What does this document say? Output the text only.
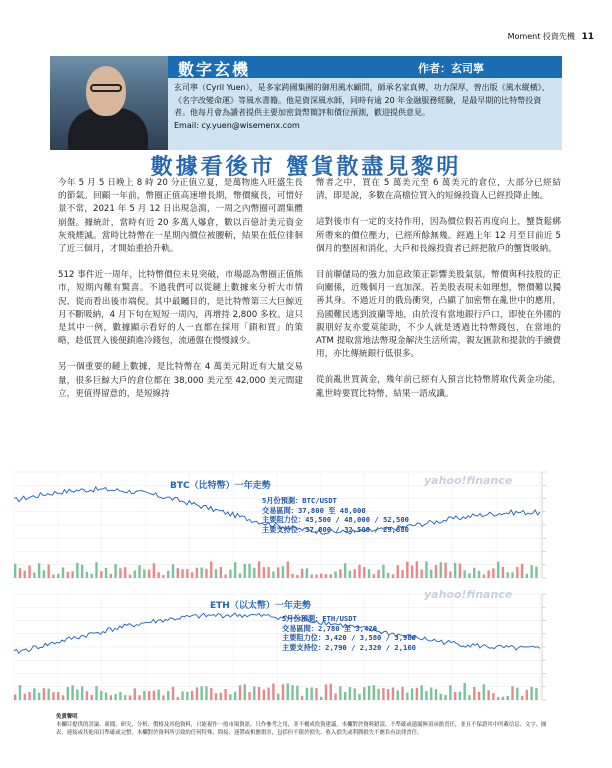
Moment 投資先機 11
數字玄機	作者：玄司寧
玄司寧（Cyril Yuen），是多家跨國集團的御用風水顧問，師承名家真傳，功力深厚，曾出版《風水縱橫》、《名字改變命運》等風水書籍。他是資深風水師，同時有逾 20 年金融服務經驗，是最早期的比特幣投資者。他每月會為讀者提供主要加密貨幣簡評和價位預測，歡迎提供意見。
Email: cy.yuen@wisemenx.com
數據看後市 蟹貨散盡見黎明

今年 5 月 5 日晚上 8 時 20 分正值立夏，是萬物進入旺盛生長的節氣。回顧一年前，幣圈正值高速增長期，幣價瘋長，可惜好景不常，2021 年 5 月 12 日出現急瀉，一周之內幣圈可謂集體崩盤。據統計，當時有近 20 多萬人爆倉，數以百億計美元資金灰飛煙滅。當時比特幣在一星期內價位被腰斬，結果在低位徘徊了近三個月，才開始重拾升軌。

512 事件近一周年，比特幣價位未見突破，市場認為幣圈正值熊市，短期內難有驚喜。不過我們可以從鏈上數據來分析大市情況，從而看出後市端倪。其中最矚目的，是比特幣第三大巨鯨近月不斷吸納，4 月下旬在短短一周內，再增持 2,800 多枚。這只是其中一例，數據顯示看好的人一直都在採用「鎖和買」的策略，趁低買入後便鎖進冷錢包，流通盤在慢慢減少。

另一個重要的鏈上數據，是比特幣在 4 萬美元附近有大量交易量，很多巨鯨大戶的倉位都在 38,000 美元至 42,000 美元間建立，更值得留意的，是短線持

幣者之中，買在 5 萬美元至 6 萬美元的倉位，大部分已經結清，即是說，多數在高檔位買入的短線投資人已經投降止蝕。

這對後市有一定的支持作用，因為價位假若再度向上，蟹貨鬆綁所帶來的價位壓力，已經所餘無幾。經過上年 12 月至目前近 5 個月的整固和消化，大戶和長線投資者已經把散戶的蟹貨吸納。

目前聯儲局的強力加息政策正影響美股氣氛，幣價與科技股的正向關係，近幾個月一直加深。若美股表現未如理想，幣價難以獨善其身。不過近月的俄烏衝突，凸顯了加密幣在亂世中的應用，烏國難民逃到波蘭等地，由於沒有當地銀行戶口，即使在外國的親朋好友亦愛莫能助，不少人就是透過比特幣錢包，在當地的 ATM 提取當地法幣現金解決生活所需，親友匯款和提款的手續費用，亦比傳統銀行低很多。

從前亂世買黃金，幾年前已經有人預言比特幣將取代黃金功能，亂世時要買比特幣，結果一語成讖。

BTC（比特幣）一年走勢	yahoo!finance
5月份預測：BTC/USDT
交易區間：37,800 至 48,000
主要阻力位：45,500 / 48,000 / 52,500
主要支持位：37,800 / 32,500 / 29,880
ETH（以太幣）一年走勢
yahoo!finance
5月份預測：ETH/USDT
交易區間：2,780 至 3,420
主要阻力位：3,420 / 3,580 / 3,980
主要支持位：2,790 / 2,320 / 2,160
免責聲明
本欄目提供的評論、新聞、研究、分析、價格及其他資料，只能視作一般市場資訊，只作參考之用，並不構成投資建議。本欄對於資料錯誤、不準確或遺漏無須承擔責任，並且不保證其中所載信息、文字、圖表、連接或其他項目準確或完整。本欄對於資料所引致的任何特殊、間接、連帶或相應損害，包括但不限於損失、收入損失或利潤損失不應負有法律責任。
